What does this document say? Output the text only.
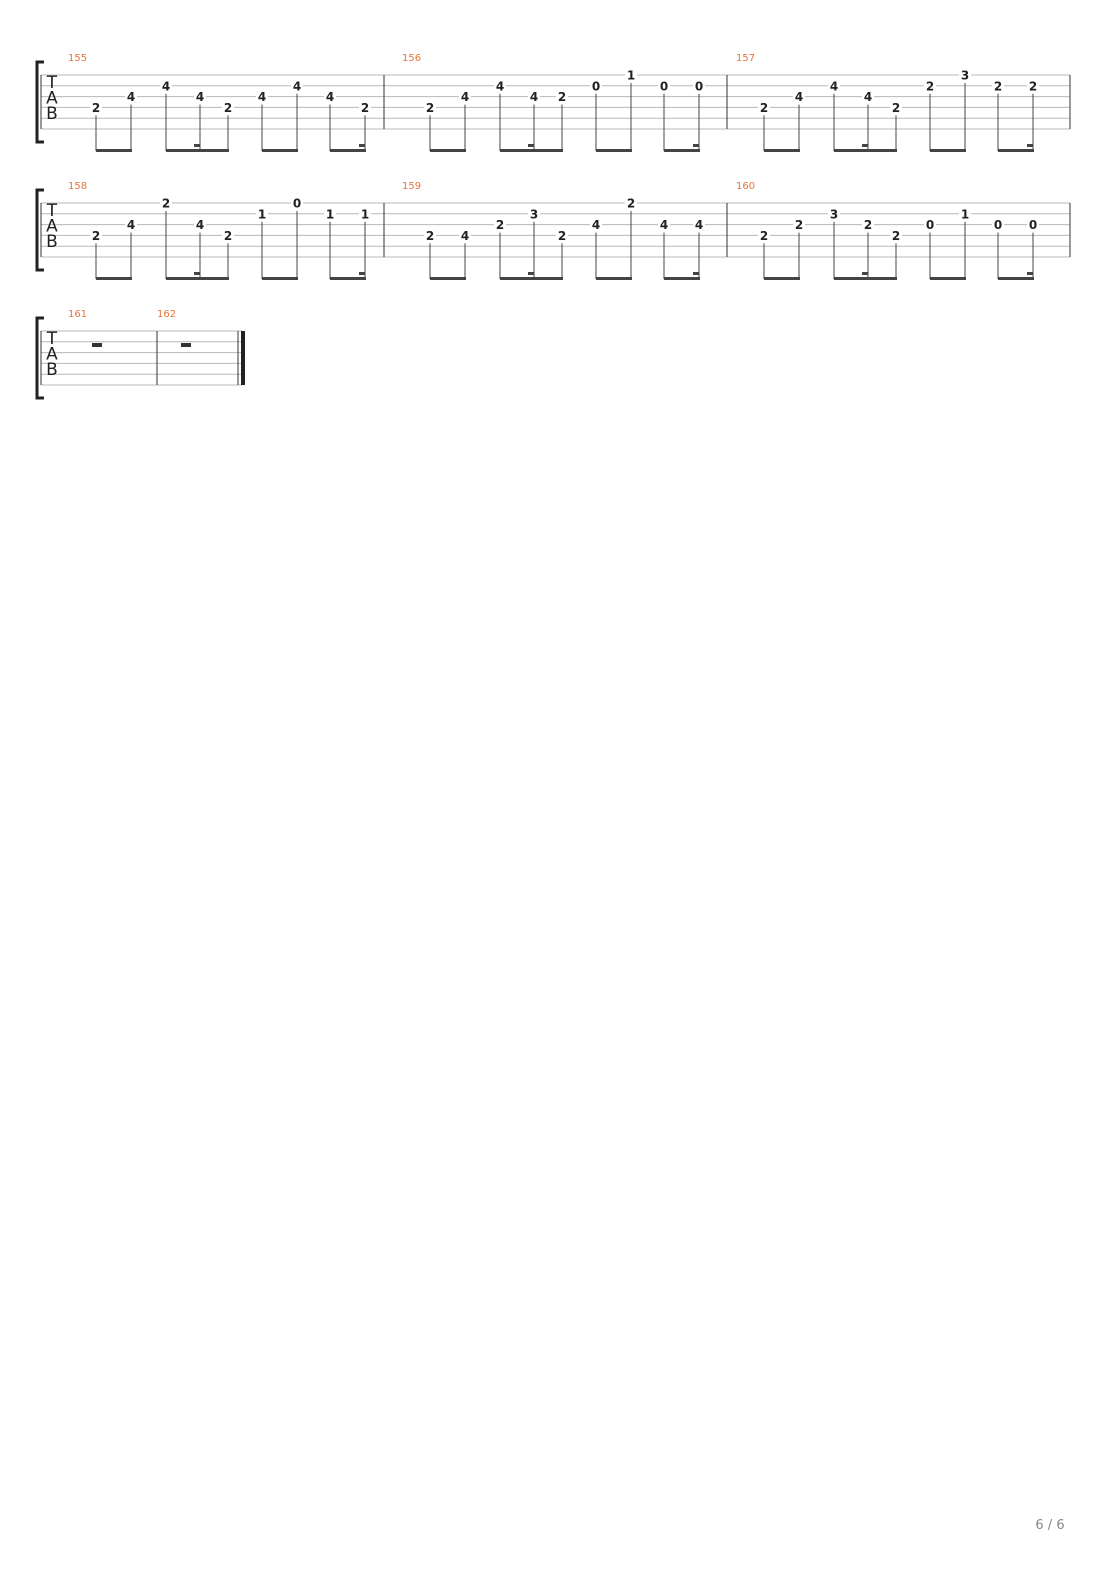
T
A
B
155
2
4
4
4
2
4
4
4
2
156
2
4
4
4 2
0
1
0 0
157
2
4
4
4
2
2
3
2 2
T
A
B
158
2
4
2
4
2
1
0
1 1
159
2 4
2
3
2
4
2
4 4
160
2
2
3
2
2
0
1
0 0
T
A
B
161	162
6 / 6
